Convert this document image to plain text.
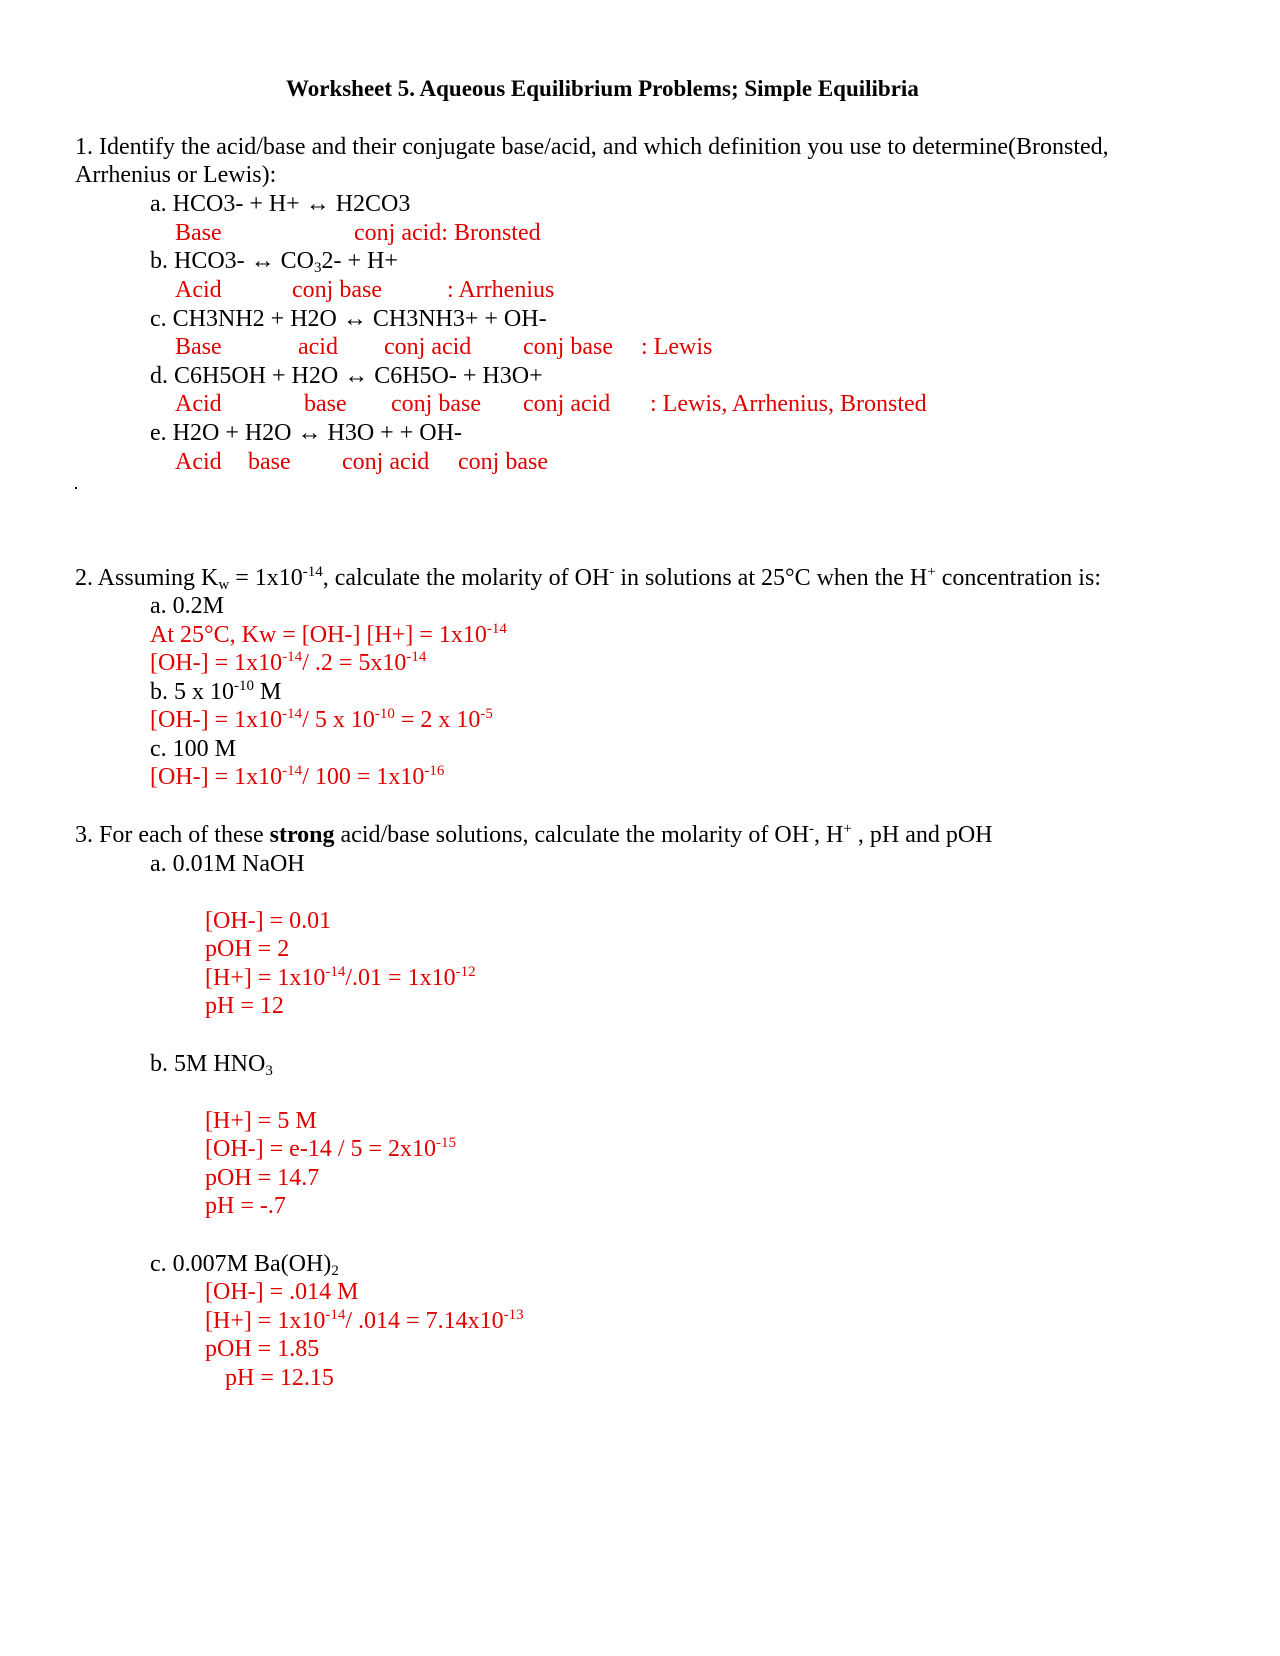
Worksheet 5. Aqueous Equilibrium Problems; Simple Equilibria
1. Identify the acid/base and their conjugate base/acid, and which definition you use to determine(Bronsted,
Arrhenius or Lewis):
a. HCO3- + H+ ↔ H2CO3
Base	conj acid: Bronsted
b. HCO3- ↔ $CO_32- + H+$
Acid	conj base	: Arrhenius
c. CH3NH2 + H2O ↔ CH3NH3+ + OH-
Base	acid conj acid conj base : Lewis
d. C6H5OH + H2O ↔ C6H5O- + H3O+
Acid	base conj base conj acid : Lewis, Arrhenius, Bronsted
e. H2O + H2O ↔ H3O + + OH-
Acid base conj acid conj base
2. Assuming $K_w = 1x10^{-14}$, calculate the molarity of OH- in solutions at 25°C when the H+ concentration is:
a. 0.2M
At 25°C, Kw = [OH-] $[H+] = 1x10^{-14}$
$[OH-] = 1x10^{-14}/$ $.2 = 5x10^{-14}$
b. 5 x $10^{-10}$ M
$[OH-] = 1x10^{-14}/$ 5 x $10^{-10} = 2$ x $10^{-5}$
c. 100 M
$[OH-] = 1x10^{-14}/$ $100 = 1x10^{-16}$
3. For each of these strong acid/base solutions, calculate the molarity of OH-, H+ , pH and pOH
a. 0.01M NaOH
[OH-] = 0.01
pOH = 2
$[H+] = 1x10^{-14}/.01 = 1x10^{-12}$
pH = 12
b. 5M $HNO_3$
[H+] = 5 M
$[OH-] = e-14 / 5 = 2x10^{-15}$
pOH = 14.7
pH = -.7
c. 0.007M $Ba(OH)_2$
[OH-] = .014 M
$[H+] = 1x10^{-14}/$ $.014 = 7.14x10^{-13}$
pOH = 1.85
pH = 12.15
